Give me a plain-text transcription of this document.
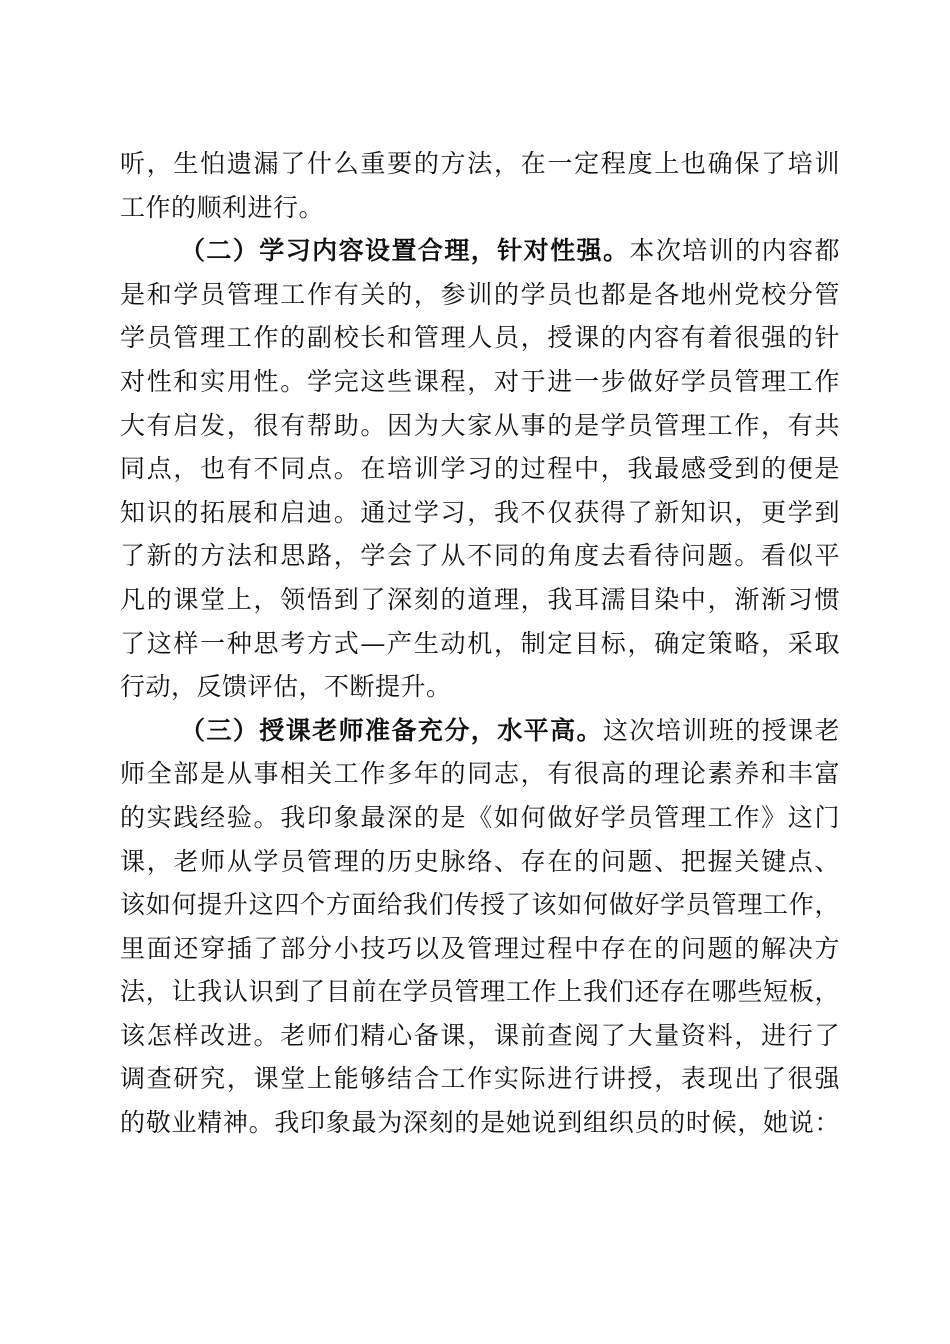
听，生怕遗漏了什么重要的方法，在一定程度上也确保了培训
工作的顺利进行。
（二）学习内容设置合理，针对性强。本次培训的内容都
是和学员管理工作有关的，参训的学员也都是各地州党校分管
学员管理工作的副校长和管理人员，授课的内容有着很强的针
对性和实用性。学完这些课程，对于进一步做好学员管理工作
大有启发，很有帮助。因为大家从事的是学员管理工作，有共
同点，也有不同点。在培训学习的过程中，我最感受到的便是
知识的拓展和启迪。通过学习，我不仅获得了新知识，更学到
了新的方法和思路，学会了从不同的角度去看待问题。看似平
凡的课堂上，领悟到了深刻的道理，我耳濡目染中，渐渐习惯
了这样一种思考方式—产生动机，制定目标，确定策略，采取
行动，反馈评估，不断提升。
（三）授课老师准备充分，水平高。这次培训班的授课老
师全部是从事相关工作多年的同志，有很高的理论素养和丰富
的实践经验。我印象最深的是《如何做好学员管理工作》这门
课，老师从学员管理的历史脉络、存在的问题、把握关键点、
该如何提升这四个方面给我们传授了该如何做好学员管理工作，
里面还穿插了部分小技巧以及管理过程中存在的问题的解决方
法，让我认识到了目前在学员管理工作上我们还存在哪些短板，
该怎样改进。老师们精心备课，课前查阅了大量资料，进行了
调查研究，课堂上能够结合工作实际进行讲授，表现出了很强
的敬业精神。我印象最为深刻的是她说到组织员的时候，她说：
